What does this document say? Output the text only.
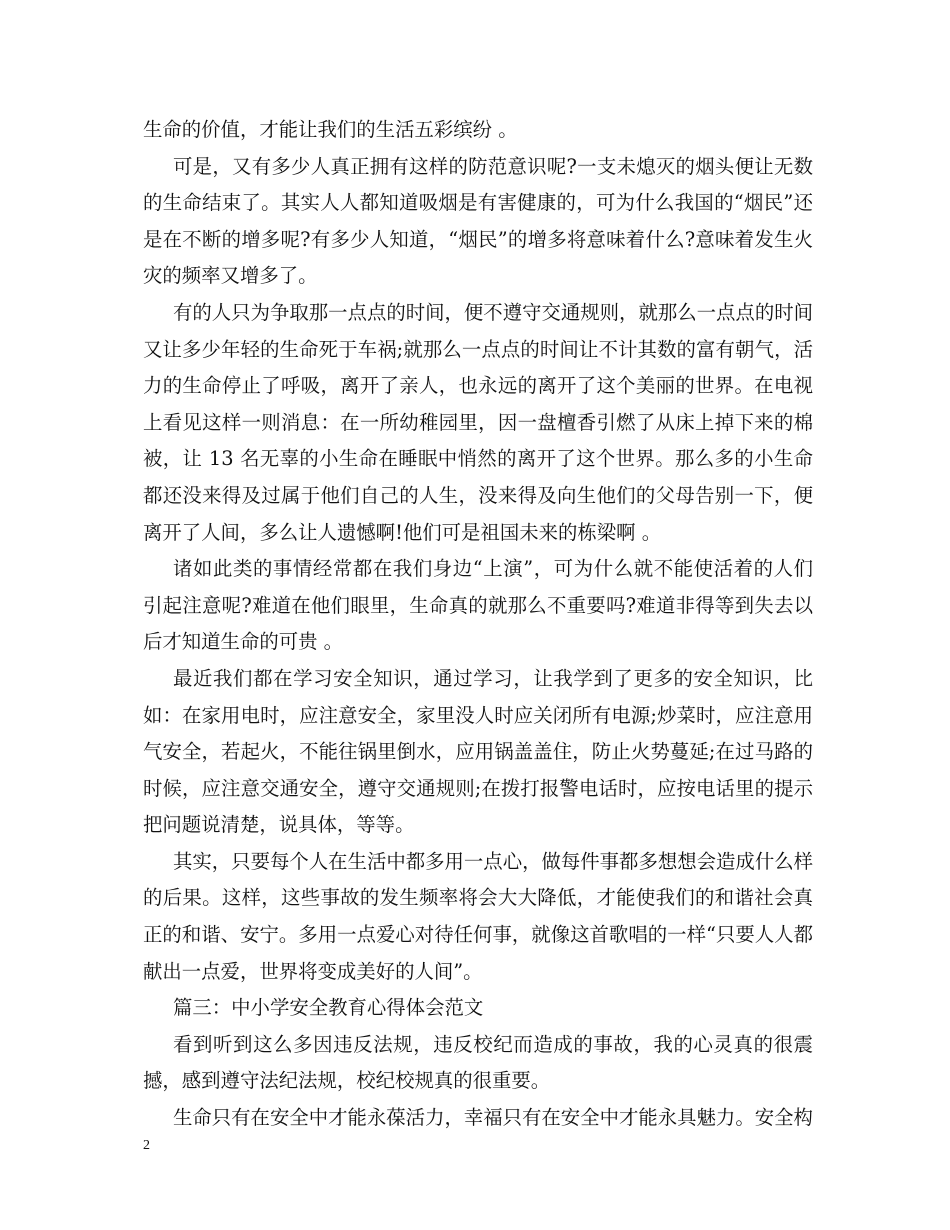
生命的价值，才能让我们的生活五彩缤纷 。

可是，又有多少人真正拥有这样的防范意识呢?一支未熄灭的烟头便让无数的生命结束了。其实人人都知道吸烟是有害健康的，可为什么我国的“烟民”还是在不断的增多呢?有多少人知道，“烟民”的增多将意味着什么?意味着发生火灾的频率又增多了。

有的人只为争取那一点点的时间，便不遵守交通规则，就那么一点点的时间又让多少年轻的生命死于车祸;就那么一点点的时间让不计其数的富有朝气，活力的生命停止了呼吸，离开了亲人，也永远的离开了这个美丽的世界。在电视上看见这样一则消息：在一所幼稚园里，因一盘檀香引燃了从床上掉下来的棉被，让 13 名无辜的小生命在睡眠中悄然的离开了这个世界。那么多的小生命都还没来得及过属于他们自己的人生，没来得及向生他们的父母告别一下，便离开了人间，多么让人遗憾啊!他们可是祖国未来的栋梁啊 。

诸如此类的事情经常都在我们身边“上演”，可为什么就不能使活着的人们引起注意呢?难道在他们眼里，生命真的就那么不重要吗?难道非得等到失去以后才知道生命的可贵 。

最近我们都在学习安全知识，通过学习，让我学到了更多的安全知识，比如：在家用电时，应注意安全，家里没人时应关闭所有电源;炒菜时，应注意用气安全，若起火，不能往锅里倒水，应用锅盖盖住，防止火势蔓延;在过马路的时候，应注意交通安全，遵守交通规则;在拨打报警电话时，应按电话里的提示把问题说清楚，说具体，等等。

其实，只要每个人在生活中都多用一点心，做每件事都多想想会造成什么样的后果。这样，这些事故的发生频率将会大大降低，才能使我们的和谐社会真正的和谐、安宁。多用一点爱心对待任何事，就像这首歌唱的一样“只要人人都献出一点爱，世界将变成美好的人间”。

篇三：中小学安全教育心得体会范文

看到听到这么多因违反法规，违反校纪而造成的事故，我的心灵真的很震撼，感到遵守法纪法规，校纪校规真的很重要。

生命只有在安全中才能永葆活力，幸福只有在安全中才能永具魅力。安全构

2
